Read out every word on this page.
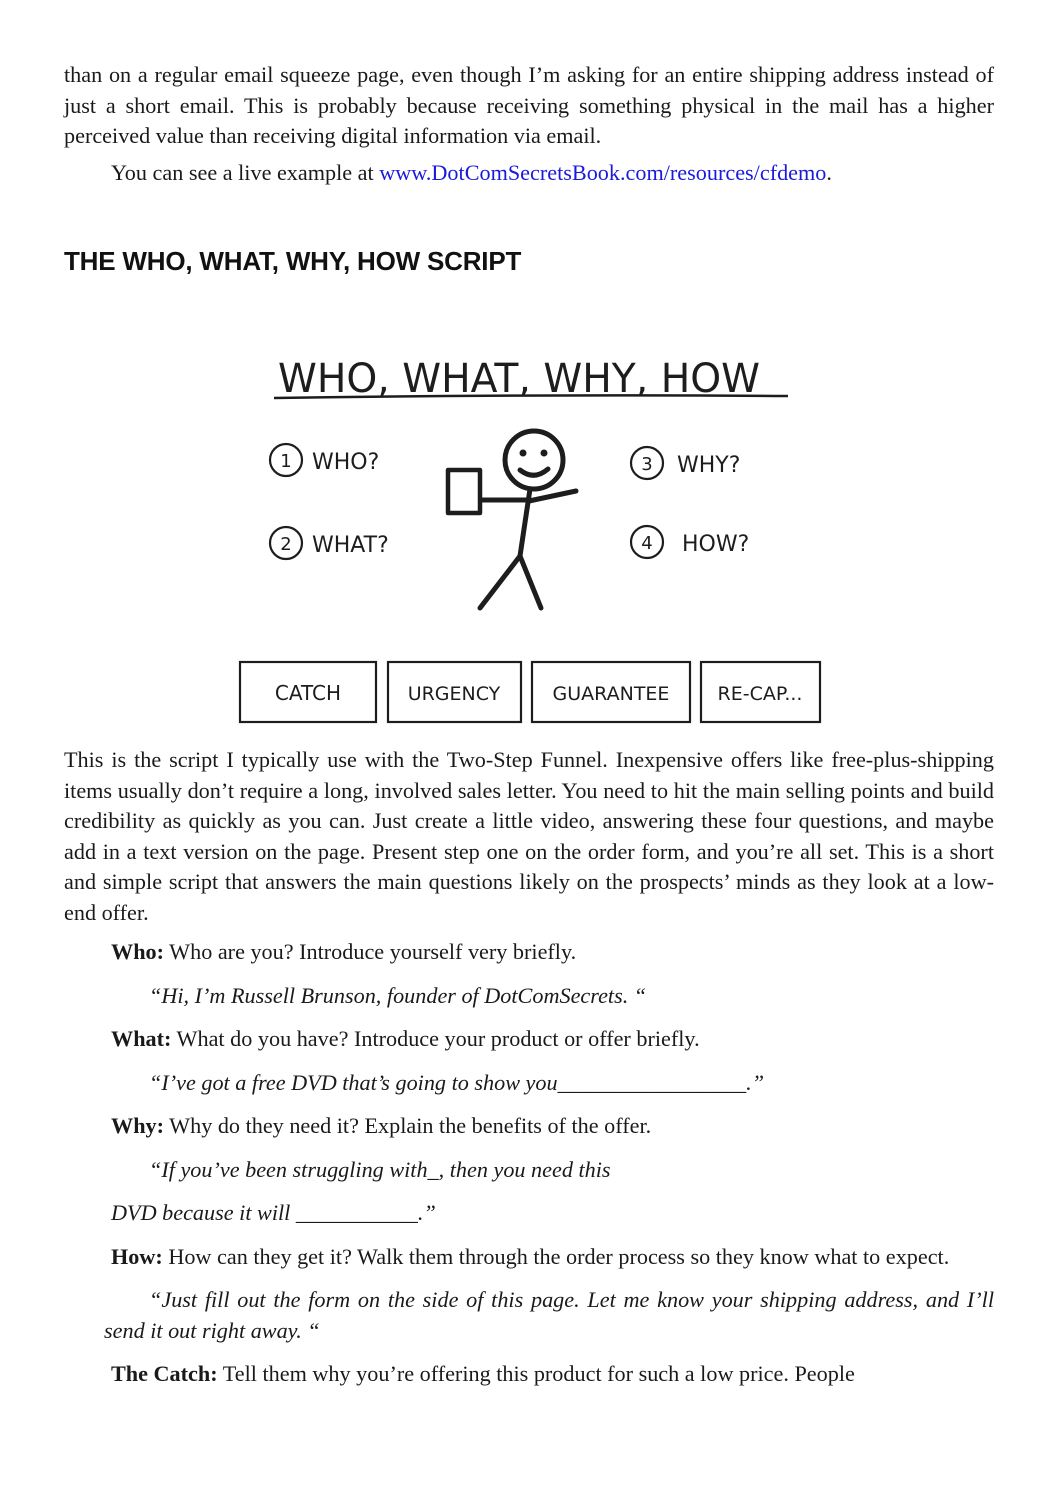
than on a regular email squeeze page, even though I’m asking for an entire shipping address instead of just a short email. This is probably because receiving something physical in the mail has a higher perceived value than receiving digital information via email.

You can see a live example at www.DotComSecretsBook.com/resources/cfdemo.

THE WHO, WHAT, WHY, HOW SCRIPT
WHO, WHAT, WHY, HOW
1 WHO?
2 WHAT?
3 WHY?
4 HOW?
CATCH	URGENCY	GUARANTEE	RE-CAP...

This is the script I typically use with the Two-Step Funnel. Inexpensive offers like free-plus-shipping items usually don’t require a long, involved sales letter. You need to hit the main selling points and build credibility as quickly as you can. Just create a little video, answering these four questions, and maybe add in a text version on the page. Present step one on the order form, and you’re all set. This is a short and simple script that answers the main questions likely on the prospects’ minds as they look at a low-end offer.

Who: Who are you? Introduce yourself very briefly.

“Hi, I’m Russell Brunson, founder of DotComSecrets. “

What: What do you have? Introduce your product or offer briefly.

“I’ve got a free DVD that’s going to show you_________________.”

Why: Why do they need it? Explain the benefits of the offer.

“If you’ve been struggling with_, then you need this

DVD because it will ___________.”

How: How can they get it? Walk them through the order process so they know what to expect.

“Just fill out the form on the side of this page. Let me know your shipping address, and I’ll send it out right away. “

The Catch: Tell them why you’re offering this product for such a low price. People
